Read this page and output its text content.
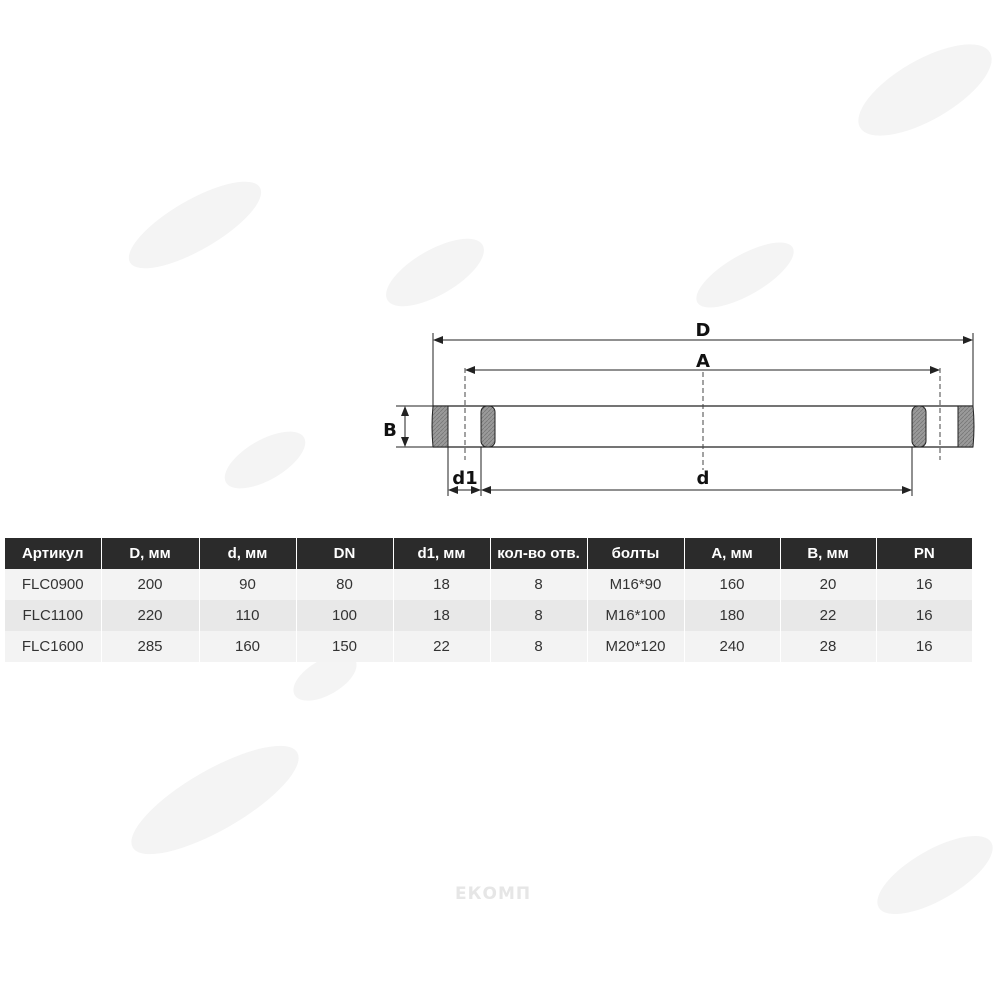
ЕКОМП
D
A
B
d1	d
Артикул	D, мм	d, мм	DN	d1, мм	кол-во отв.	болты	A, мм	B, мм	PN
FLC0900	200	90	80	18	8	M16*90	160	20	16
FLC1100	220	110	100	18	8	M16*100	180	22	16
FLC1600	285	160	150	22	8	M20*120	240	28	16
